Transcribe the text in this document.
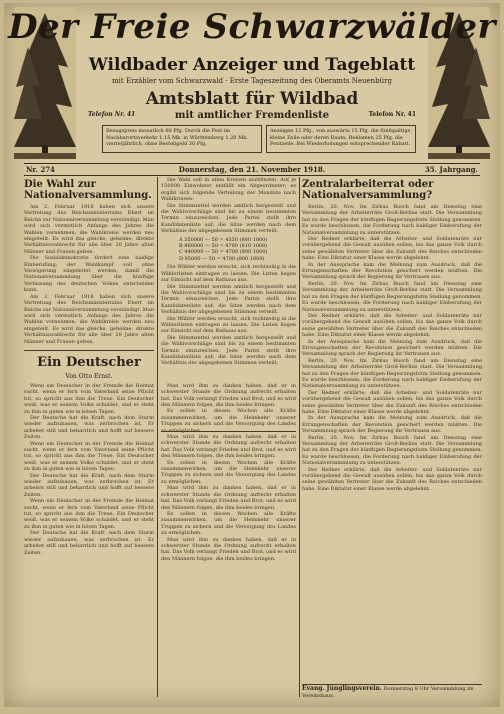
Der Freie Schwarzwälder
Wildbader Anzeiger und Tageblatt
mit Erzähler vom Schwarzwald · Erste Tageszeitung des Oberamts Neuenbürg
Amtsblatt für Wildbad
mit amtlicher Fremdenliste
Telefon Nr. 41	Telefon Nr. 41
Bezugspreis monatlich 60 Pfg. Durch die Post im Nachbarortsverkehr 1.15 Mk. in Württemberg 1.20 Mk. vierteljährlich, ohne Bestellgeld 30 Pfg.
Anzeigen 12 Pfg., von auswärts 15 Pfg. die fünfspaltige kleine Zeile oder deren Raum. Reklamen 25 Pfg. die Petitzeile. Bei Wiederholungen entsprechender Rabatt.
Nr. 274	Donnerstag, den 21. November 1918.	35. Jahrgang.
Die Wahl zur Nationalversammlung.

Am 2. Februar 1918 haben sich unsere Vertretung des Reichsministeriums Ebert im Reiche zur Nationalversammlung verständigt. Man wird sich vermutlich Anfangs des Jahres die Wahlen vornehmen; die Wahlkreise werden neu eingeteilt. Es wird das gleiche, geheime, direkte Verhältniswahlrecht für alle über 20 Jahre alten Männer und Frauen gelten.

Die Sozialdemokratie fordert eine baldige Einberufung; der Wahlkampf soll ohne Verzögerung eingeleitet werden, damit die Nationalversammlung über die künftige Verfassung des deutschen Volkes entscheiden kann.

Am 2. Februar 1918 haben sich unsere Vertretung des Reichsministeriums Ebert im Reiche zur Nationalversammlung verständigt. Man wird sich vermutlich Anfangs des Jahres die Wahlen vornehmen; die Wahlkreise werden neu eingeteilt. Es wird das gleiche, geheime, direkte Verhältniswahlrecht für alle über 20 Jahre alten Männer und Frauen gelten.

Ein Deutscher
Von Otto Ernst.

Wenn ein Deutscher in der Fremde die Heimat sucht, wenn er fern vom Vaterland seine Pflicht tut, so spricht aus ihm die Treue. Ein Deutscher weiß, was er seinem Volke schuldet, und er steht zu ihm in guten wie in bösen Tagen.

Der Deutsche hat die Kraft, nach dem Sturm wieder aufzubauen, was zerbrochen ist. Er arbeitet still und beharrlich und hofft auf bessere Zeiten.

Wenn ein Deutscher in der Fremde die Heimat sucht, wenn er fern vom Vaterland seine Pflicht tut, so spricht aus ihm die Treue. Ein Deutscher weiß, was er seinem Volke schuldet, und er steht zu ihm in guten wie in bösen Tagen.

Der Deutsche hat die Kraft, nach dem Sturm wieder aufzubauen, was zerbrochen ist. Er arbeitet still und beharrlich und hofft auf bessere Zeiten.

Wenn ein Deutscher in der Fremde die Heimat sucht, wenn er fern vom Vaterland seine Pflicht tut, so spricht aus ihm die Treue. Ein Deutscher weiß, was er seinem Volke schuldet, und er steht zu ihm in guten wie in bösen Tagen.

Der Deutsche hat die Kraft, nach dem Sturm wieder aufzubauen, was zerbrochen ist. Er arbeitet still und beharrlich und hofft auf bessere Zeiten.

Die Wahl soll in allen Kreisen stattfinden. Auf je 150000 Einwohner entfällt ein Abgeordneter; es ergibt sich folgende Verteilung der Mandate nach Wahlkreisen:

Die Stimmzettel werden amtlich hergestellt und die Wahlvorschläge sind bis zu einem bestimmten Termin einzureichen. Jede Partei stellt ihre Kandidatenliste auf; die Sitze werden nach dem Verhältnis der abgegebenen Stimmen verteilt.

A 350000 — 50 = 4350 (800 1000)
B 860000 — 50 = 4700 (810 1000)
C 440000 — 50 = 4700 (800 1000)
D 95000 — 50 = 4700 (800 1000)

Die Wähler werden ersucht, sich rechtzeitig in die Wählerlisten eintragen zu lassen. Die Listen liegen zur Einsicht auf dem Rathaus aus.

Die Stimmzettel werden amtlich hergestellt und die Wahlvorschläge sind bis zu einem bestimmten Termin einzureichen. Jede Partei stellt ihre Kandidatenliste auf; die Sitze werden nach dem Verhältnis der abgegebenen Stimmen verteilt.

Die Wähler werden ersucht, sich rechtzeitig in die Wählerlisten eintragen zu lassen. Die Listen liegen zur Einsicht auf dem Rathaus aus.

Die Stimmzettel werden amtlich hergestellt und die Wahlvorschläge sind bis zu einem bestimmten Termin einzureichen. Jede Partei stellt ihre Kandidatenliste auf; die Sitze werden nach dem Verhältnis der abgegebenen Stimmen verteilt.

Man wird ihm zu danken haben, daß er in schwerster Stunde die Ordnung aufrecht erhalten hat. Das Volk verlangt Frieden und Brot, und es wird den Männern folgen, die ihm beides bringen.

Es sollen in diesen Wochen alle Kräfte zusammenwirken, um die Heimkehr unserer Truppen zu sichern und die Versorgung des Landes

Man wird ihm zu danken haben, daß er in schwerster Stunde die Ordnung aufrecht erhalten hat. Das Volk verlangt Frieden und Brot, und es wird den Männern folgen, die ihm beides bringen.

Es sollen in diesen Wochen alle Kräfte zusammenwirken, um die Heimkehr unserer Truppen zu sichern und die Versorgung des Landes zu ermöglichen.

Man wird ihm zu danken haben, daß er in schwerster Stunde die Ordnung aufrecht erhalten hat. Das Volk verlangt Frieden und Brot, und es wird den Männern folgen, die ihm beides bringen.

Es sollen in diesen Wochen alle Kräfte zusammenwirken, um die Heimkehr unserer Truppen zu sichern und die Versorgung des Landes zu ermöglichen.

Man wird ihm zu danken haben, daß er in schwerster Stunde die Ordnung aufrecht erhalten hat. Das Volk verlangt Frieden und Brot, und es wird den Männern folgen, die ihm beides bringen.

Zentralarbeiterrat oder Nationalversammlung?

Berlin, 20. Nov. Im Zirkus Busch fand am Dienstag eine Versammlung der Arbeiterräte Groß-Berlins statt. Die Versammlung hat zu den Fragen der künftigen Regierungsform Stellung genommen. Es wurde beschlossen, die Forderung nach baldiger Einberufung der Nationalversammlung zu unterstützen.

Der Redner erklärte, daß die Arbeiter- und Soldatenräte nur vorübergehend die Gewalt ausüben sollen, bis das ganze Volk durch seine gewählten Vertreter über die Zukunft des Reiches entschieden habe. Eine Diktatur einer Klasse werde abgelehnt.

In der Aussprache kam die Meinung zum Ausdruck, daß die Errungenschaften der Revolution gesichert werden müßten. Die Versammlung sprach der Regierung ihr Vertrauen aus.

Berlin, 20. Nov. Im Zirkus Busch fand am Dienstag eine Versammlung der Arbeiterräte Groß-Berlins statt. Die Versammlung hat zu den Fragen der künftigen Regierungsform Stellung genommen. Es wurde beschlossen, die Forderung nach baldiger Einberufung der Nationalversammlung zu unterstützen.

Der Redner erklärte, daß die Arbeiter- und Soldatenräte nur vorübergehend die Gewalt ausüben sollen, bis das ganze Volk durch seine gewählten Vertreter über die Zukunft des Reiches entschieden habe. Eine Diktatur einer Klasse werde abgelehnt.

In der Aussprache kam die Meinung zum Ausdruck, daß die Errungenschaften der Revolution gesichert werden müßten. Die Versammlung sprach der Regierung ihr Vertrauen aus.

Berlin, 20. Nov. Im Zirkus Busch fand am Dienstag eine Versammlung der Arbeiterräte Groß-Berlins statt. Die Versammlung hat zu den Fragen der künftigen Regierungsform Stellung genommen. Es wurde beschlossen, die Forderung nach baldiger Einberufung der Nationalversammlung zu unterstützen.

Der Redner erklärte, daß die Arbeiter- und Soldatenräte nur vorübergehend die Gewalt ausüben sollen, bis das ganze Volk durch seine gewählten Vertreter über die Zukunft des Reiches entschieden habe. Eine Diktatur einer Klasse werde abgelehnt.

In der Aussprache kam die Meinung zum Ausdruck, daß die Errungenschaften der Revolution gesichert werden müßten. Die Versammlung sprach der Regierung ihr Vertrauen aus.

Berlin, 20. Nov. Im Zirkus Busch fand am Dienstag eine Versammlung der Arbeiterräte Groß-Berlins statt. Die Versammlung hat zu den Fragen der künftigen Regierungsform Stellung genommen. Es wurde beschlossen, die Forderung nach baldiger Einberufung der Nationalversammlung zu unterstützen.

Der Redner erklärte, daß die Arbeiter- und Soldatenräte nur vorübergehend die Gewalt ausüben sollen, bis das ganze Volk durch seine gewählten Vertreter über die Zukunft des Reiches entschieden habe. Eine Diktatur einer Klasse werde abgelehnt.

Evang. Jünglingsverein. Donnerstag 8 Uhr Versammlung im Vereinshaus.
